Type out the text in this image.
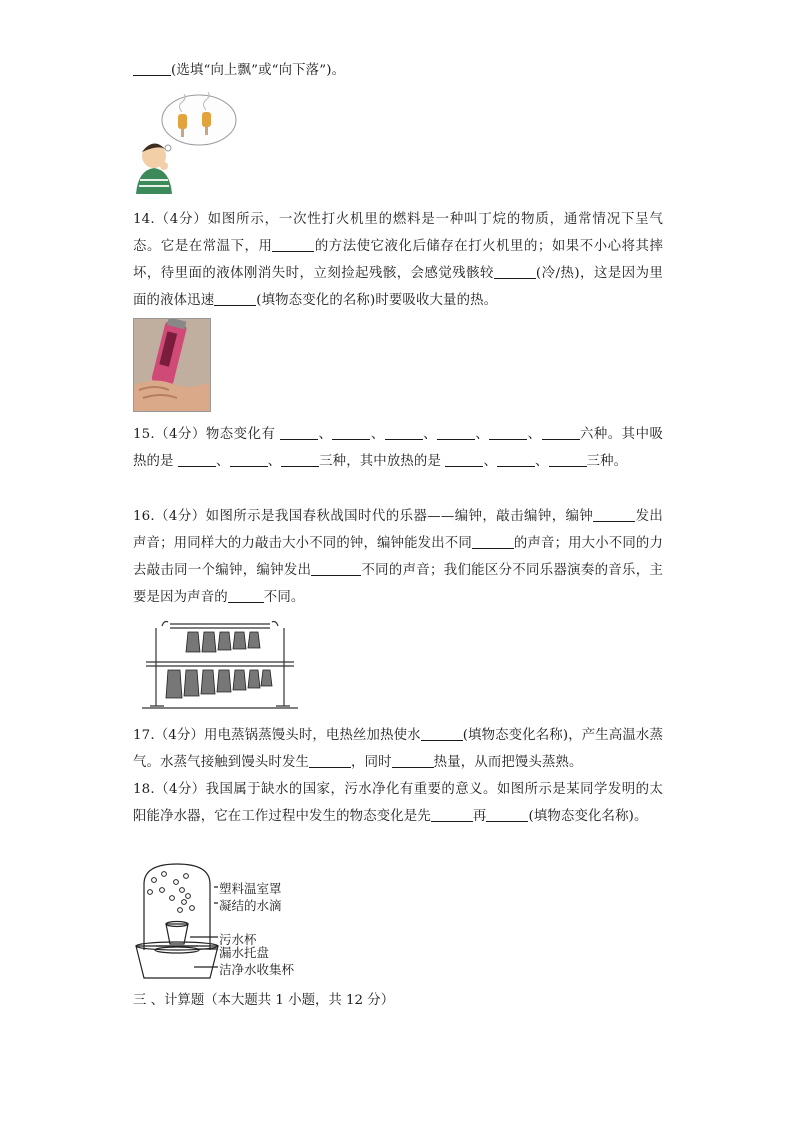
(选填“向上飘”或“向下落”)。
14.（4分）如图所示，一次性打火机里的燃料是一种叫丁烷的物质，通常情况下呈气态。它是在常温下，用	的方法使它液化后储存在打火机里的；如果不小心将其摔坏，待里面的液体刚消失时，立刻捡起残骸，会感觉残骸较	(冷/热)，这是因为里面的液体迅速	(填物态变化的名称)时要吸收大量的热。
15.（4分）物态变化有	、	、	、	、	、	六种。其中吸热的是	、	、	三种，其中放热的是	、	、	三种。
16.（4分）如图所示是我国春秋战国时代的乐器——编钟，敲击编钟，编钟	发出声音；用同样大的力敲击大小不同的钟，编钟能发出不同	的声音；用大小不同的力去敲击同一个编钟，编钟发出	不同的声音；我们能区分不同乐器演奏的音乐，主要是因为声音的	不同。
17.（4分）用电蒸锅蒸馒头时，电热丝加热使水	(填物态变化名称)，产生高温水蒸气。水蒸气接触到馒头时发生	，同时	热量，从而把馒头蒸熟。
18.（4分）我国属于缺水的国家，污水净化有重要的意义。如图所示是某同学发明的太阳能净水器，它在工作过程中发生的物态变化是先	再	(填物态变化名称)。
塑料温室罩
凝结的水滴
污水杯
漏水托盘
洁净水收集杯
三 、计算题（本大题共 1 小题，共 12 分）
